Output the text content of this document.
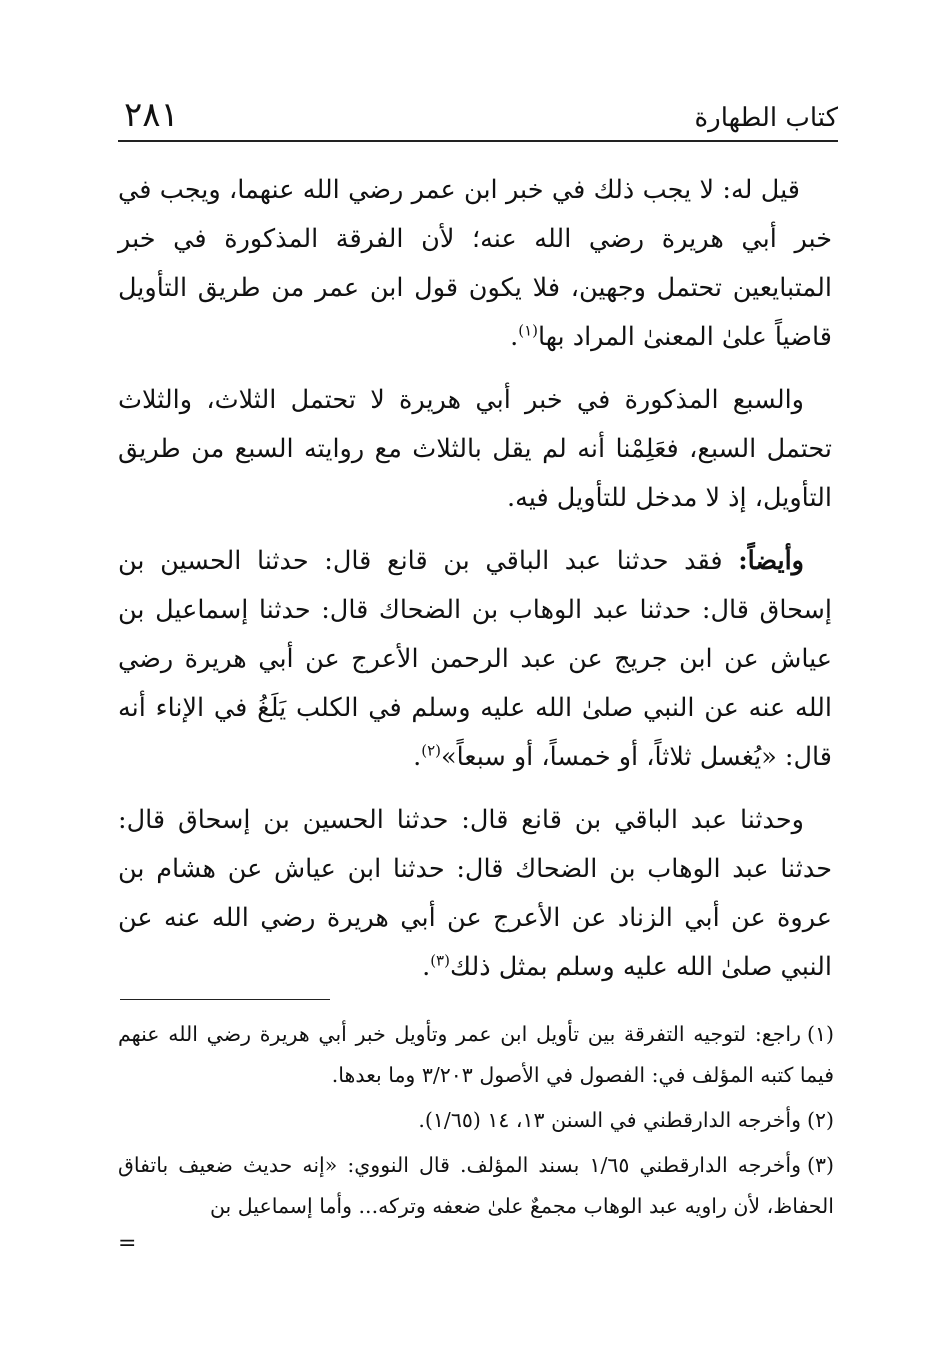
كتاب الطهارة
٢٨١

قيل له: لا يجب ذلك في خبر ابن عمر رضي الله عنهما، ويجب في خبر أبي هريرة رضي الله عنه؛ لأن الفرقة المذكورة في خبر المتبايعين تحتمل وجهين، فلا يكون قول ابن عمر من طريق التأويل قاضياً علىٰ المعنىٰ المراد بها$^{(١)}$.

والسبع المذكورة في خبر أبي هريرة لا تحتمل الثلاث، والثلاث تحتمل السبع، فعَلِمْنا أنه لم يقل بالثلاث مع روايته السبع من طريق التأويل، إذ لا مدخل للتأويل فيه.

وأيضاً: فقد حدثنا عبد الباقي بن قانع قال: حدثنا الحسين بن إسحاق قال: حدثنا عبد الوهاب بن الضحاك قال: حدثنا إسماعيل بن عياش عن ابن جريج عن عبد الرحمن الأعرج عن أبي هريرة رضي الله عنه عن النبي صلىٰ الله عليه وسلم في الكلب يَلَغُ في الإناء أنه قال: «يُغسل ثلاثاً، أو خمساً، أو سبعاً»$^{(٢)}$.

وحدثنا عبد الباقي بن قانع قال: حدثنا الحسين بن إسحاق قال: حدثنا عبد الوهاب بن الضحاك قال: حدثنا ابن عياش عن هشام بن عروة عن أبي الزناد عن الأعرج عن أبي هريرة رضي الله عنه عن النبي صلىٰ الله عليه وسلم بمثل ذلك$^{(٣)}$.

(١)راجع: لتوجيه التفرقة بين تأويل ابن عمر وتأويل خبر أبي هريرة رضي الله عنهم فيما كتبه المؤلف في: الفصول في الأصول ٣/٢٠٣ وما بعدها.

(٢)وأخرجه الدارقطني في السنن ١٣، ١٤ (١/٦٥).

(٣)وأخرجه الدارقطني ١/٦٥ بسند المؤلف. قال النووي: «إنه حديث ضعيف باتفاق الحفاظ، لأن راويه عبد الوهاب مجمعٌ علىٰ ضعفه وتركه... وأما إسماعيل بن

=
